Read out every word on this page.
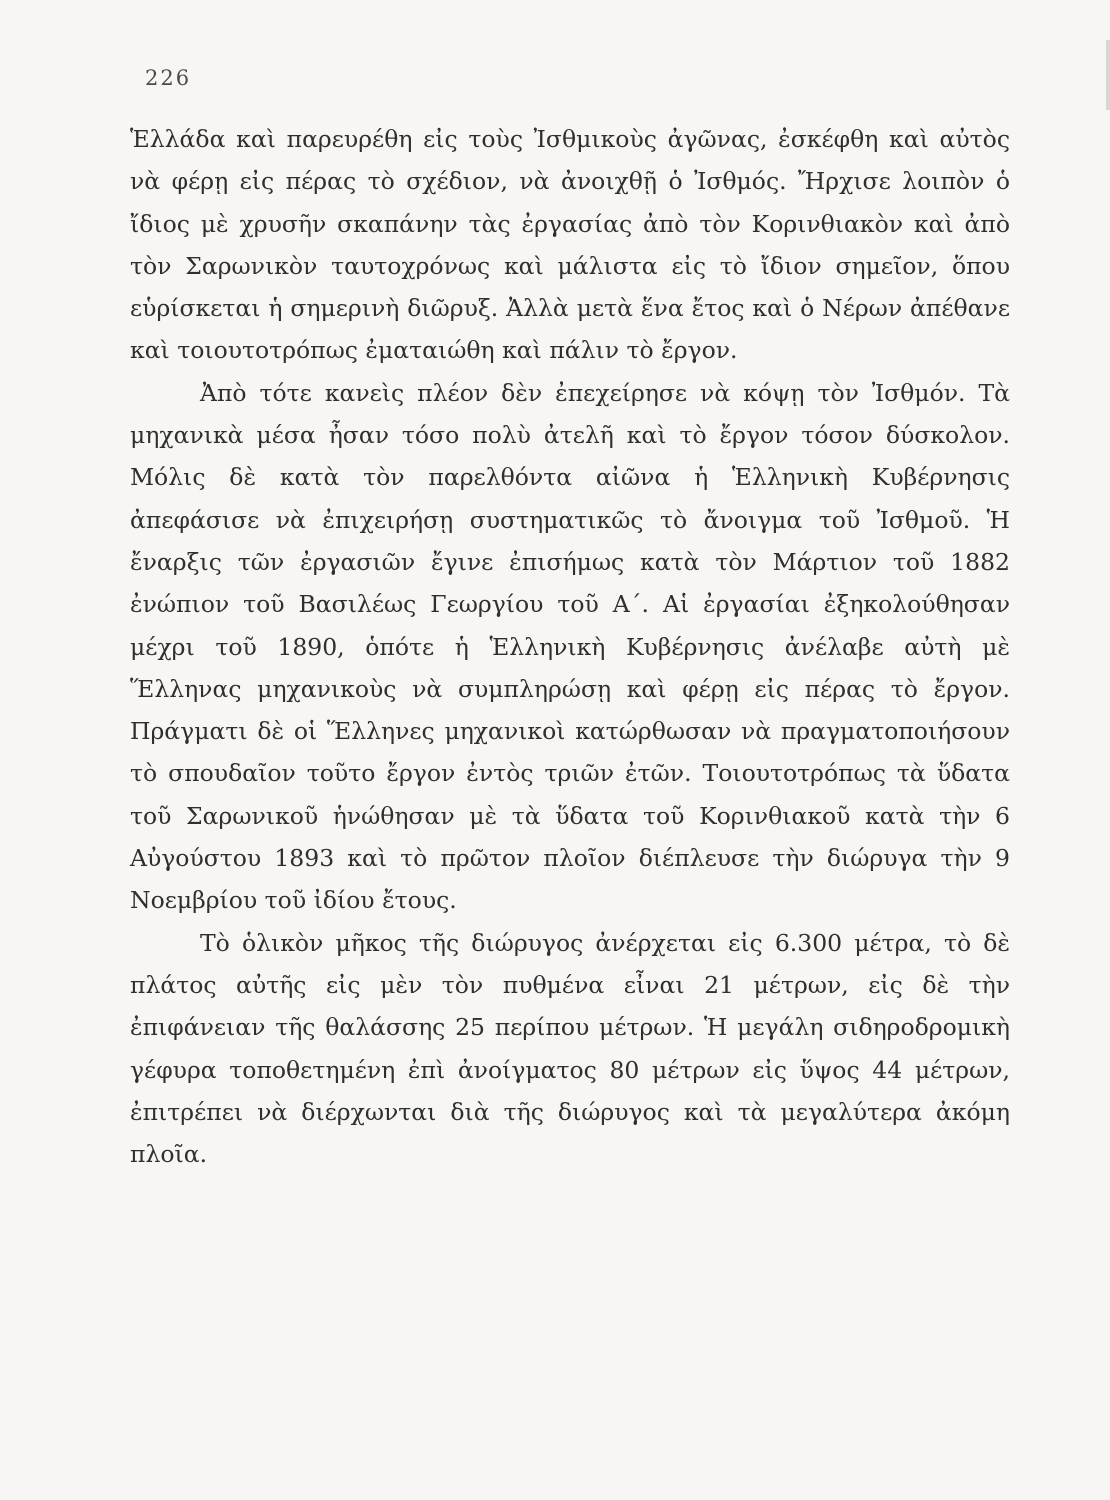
226

Ἑλλάδα καὶ παρευρέθη εἰς τοὺς Ἰσθμικοὺς ἀγῶνας, ἐσκέφθη καὶ αὐτὸς νὰ φέρῃ εἰς πέρας τὸ σχέδιον, νὰ ἀνοιχθῇ ὁ Ἰσθμός. Ἤρχισε λοιπὸν ὁ ἴδιος μὲ χρυσῆν σκαπάνην τὰς ἐργασίας ἀπὸ τὸν Κορινθιακὸν καὶ ἀπὸ τὸν Σαρωνικὸν ταυτοχρόνως καὶ μάλιστα εἰς τὸ ἴδιον σημεῖον, ὅπου εὑρίσκεται ἡ σημερινὴ διῶρυξ. Ἀλλὰ μετὰ ἕνα ἔτος καὶ ὁ Νέρων ἀπέθανε καὶ τοιουτοτρόπως ἐματαιώθη καὶ πάλιν τὸ ἔργον.

Ἀπὸ τότε κανεὶς πλέον δὲν ἐπεχείρησε νὰ κόψῃ τὸν Ἰσθμόν. Τὰ μηχανικὰ μέσα ἦσαν τόσο πολὺ ἀτελῆ καὶ τὸ ἔργον τόσον δύσκολον. Μόλις δὲ κατὰ τὸν παρελθόντα αἰῶνα ἡ Ἑλληνικὴ Κυβέρνησις ἀπεφάσισε νὰ ἐπιχειρήσῃ συστηματικῶς τὸ ἄνοιγμα τοῦ Ἰσθμοῦ. Ἡ ἔναρξις τῶν ἐργασιῶν ἔγινε ἐπισήμως κατὰ τὸν Μάρτιον τοῦ 1882 ἐνώπιον τοῦ Βασιλέως Γεωργίου τοῦ Α΄. Αἱ ἐργασίαι ἐξηκολούθησαν μέχρι τοῦ 1890, ὁπότε ἡ Ἑλληνικὴ Κυβέρνησις ἀνέλαβε αὐτὴ μὲ Ἕλληνας μηχανικοὺς νὰ συμπληρώσῃ καὶ φέρῃ εἰς πέρας τὸ ἔργον. Πράγματι δὲ οἱ Ἕλληνες μηχανικοὶ κατώρθωσαν νὰ πραγματοποιήσουν τὸ σπουδαῖον τοῦτο ἔργον ἐντὸς τριῶν ἐτῶν. Τοιουτοτρόπως τὰ ὕδατα τοῦ Σαρωνικοῦ ἡνώθησαν μὲ τὰ ὕδατα τοῦ Κορινθιακοῦ κατὰ τὴν 6 Αὐγούστου 1893 καὶ τὸ πρῶτον πλοῖον διέπλευσε τὴν διώρυγα τὴν 9 Νοεμβρίου τοῦ ἰδίου ἔτους.

Τὸ ὁλικὸν μῆκος τῆς διώρυγος ἀνέρχεται εἰς 6.300 μέτρα, τὸ δὲ πλάτος αὐτῆς εἰς μὲν τὸν πυθμένα εἶναι 21 μέτρων, εἰς δὲ τὴν ἐπιφάνειαν τῆς θαλάσσης 25 περίπου μέτρων. Ἡ μεγάλη σιδηροδρομικὴ γέφυρα τοποθετημένη ἐπὶ ἀνοίγματος 80 μέτρων εἰς ὕψος 44 μέτρων, ἐπιτρέπει νὰ διέρχωνται διὰ τῆς διώρυγος καὶ τὰ μεγαλύτερα ἀκόμη πλοῖα.
